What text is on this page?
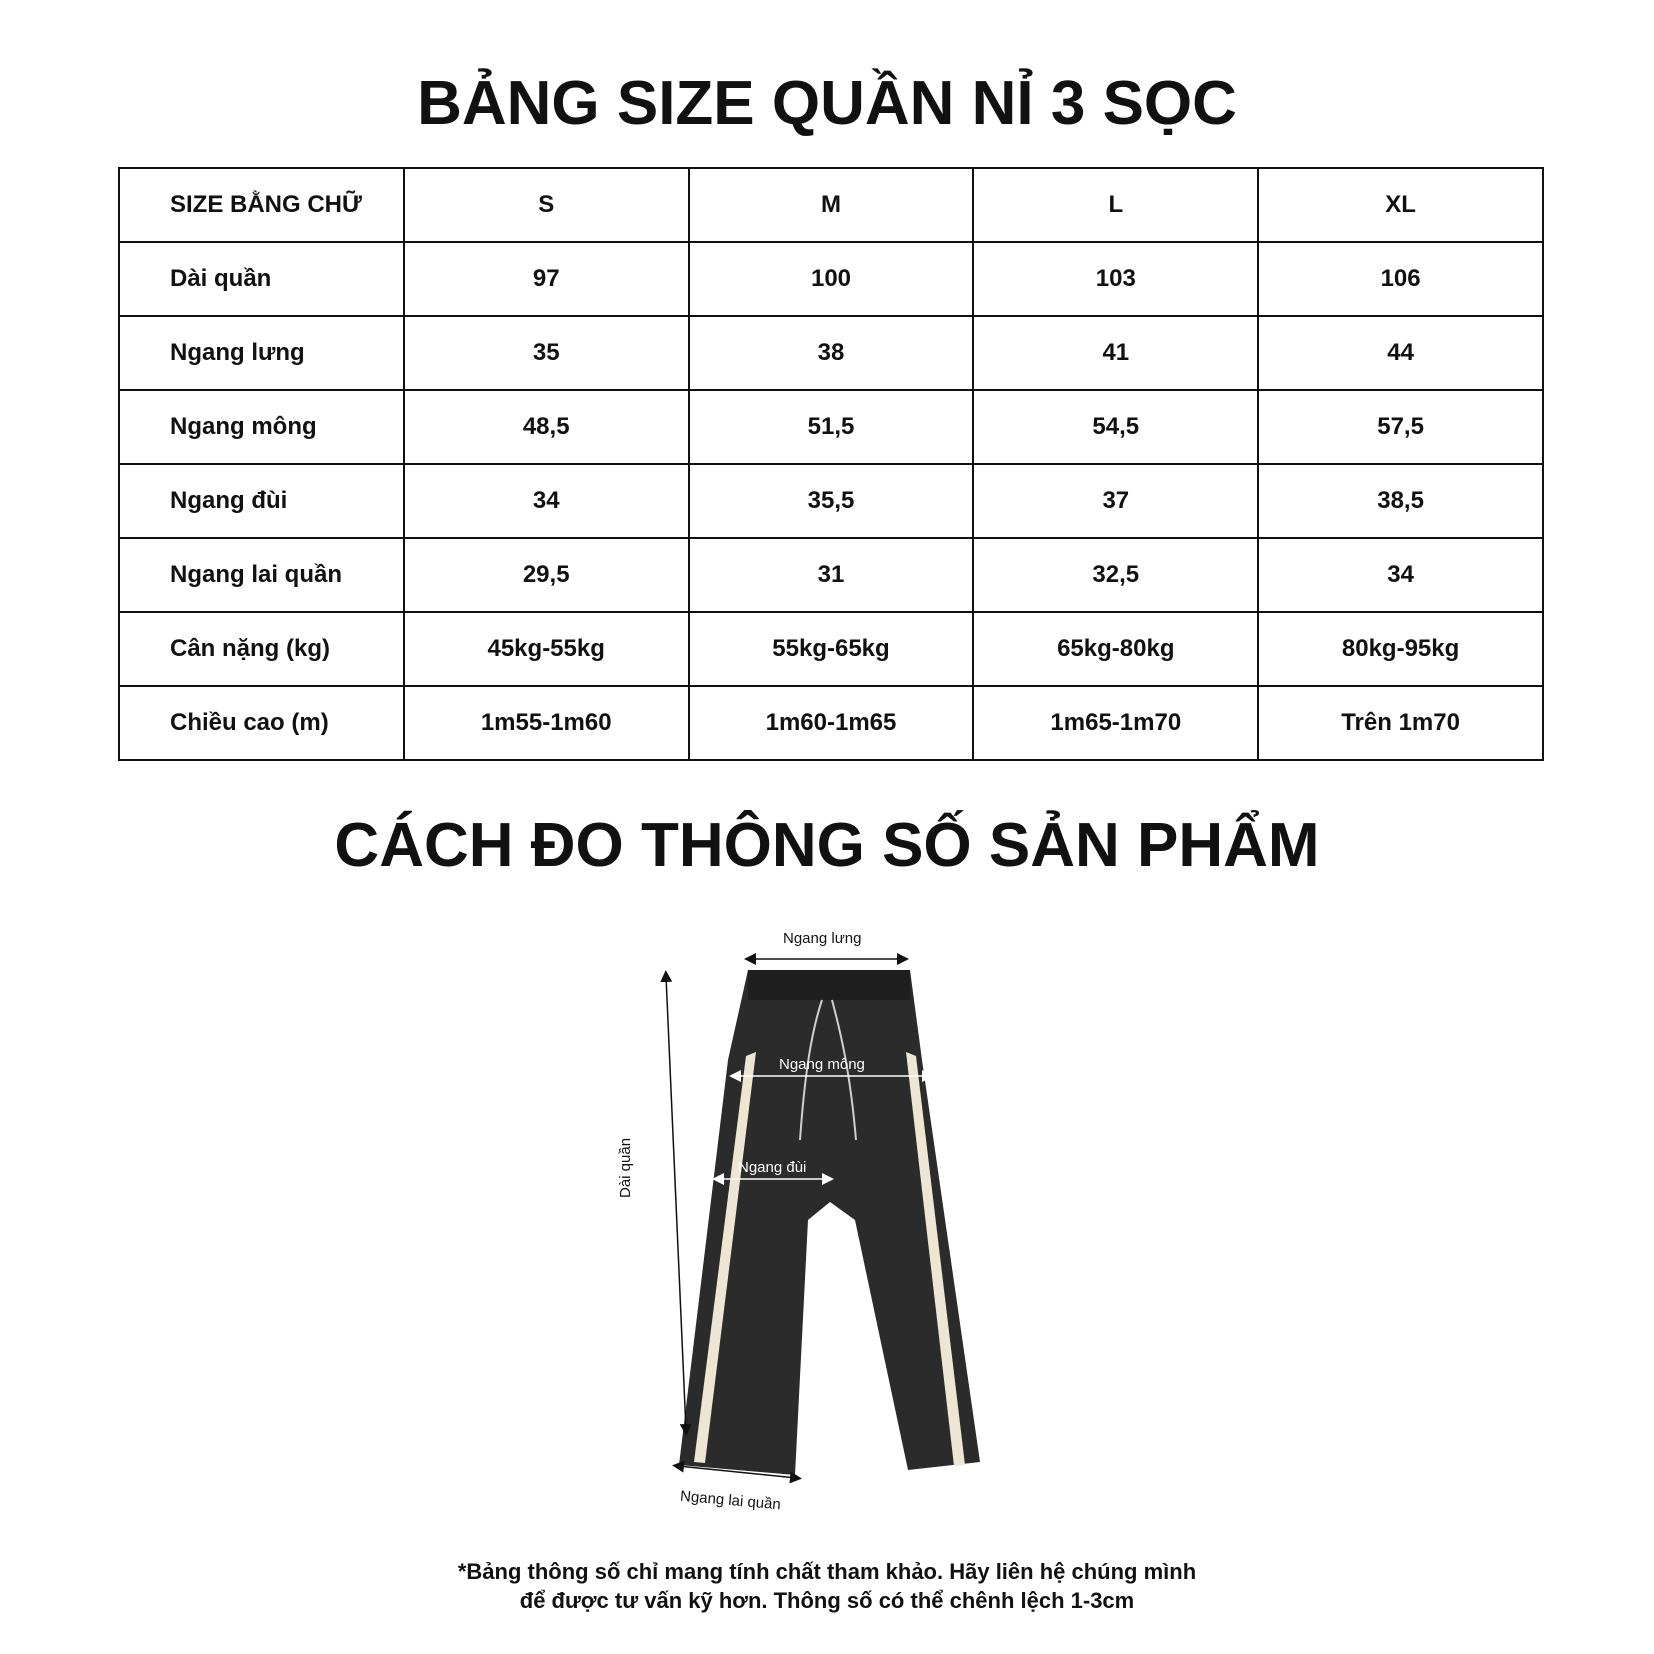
BẢNG SIZE QUẦN NỈ 3 SỌC
SIZE BẰNG CHỮ	S	M	L	XL
Dài quần	97	100	103	106
Ngang lưng	35	38	41	44
Ngang mông	48,5	51,5	54,5	57,5
Ngang đùi	34	35,5	37	38,5
Ngang lai quần	29,5	31	32,5	34
Cân nặng (kg)	45kg-55kg	55kg-65kg	65kg-80kg	80kg-95kg
Chiều cao (m)	1m55-1m60	1m60-1m65	1m65-1m70	Trên 1m70
CÁCH ĐO THÔNG SỐ SẢN PHẨM
Ngang lưng
Ngang mông
Ngang đùi
Dài quần
Ngang lai quần
*Bảng thông số chỉ mang tính chất tham khảo. Hãy liên hệ chúng mình
để được tư vấn kỹ hơn. Thông số có thể chênh lệch 1-3cm
